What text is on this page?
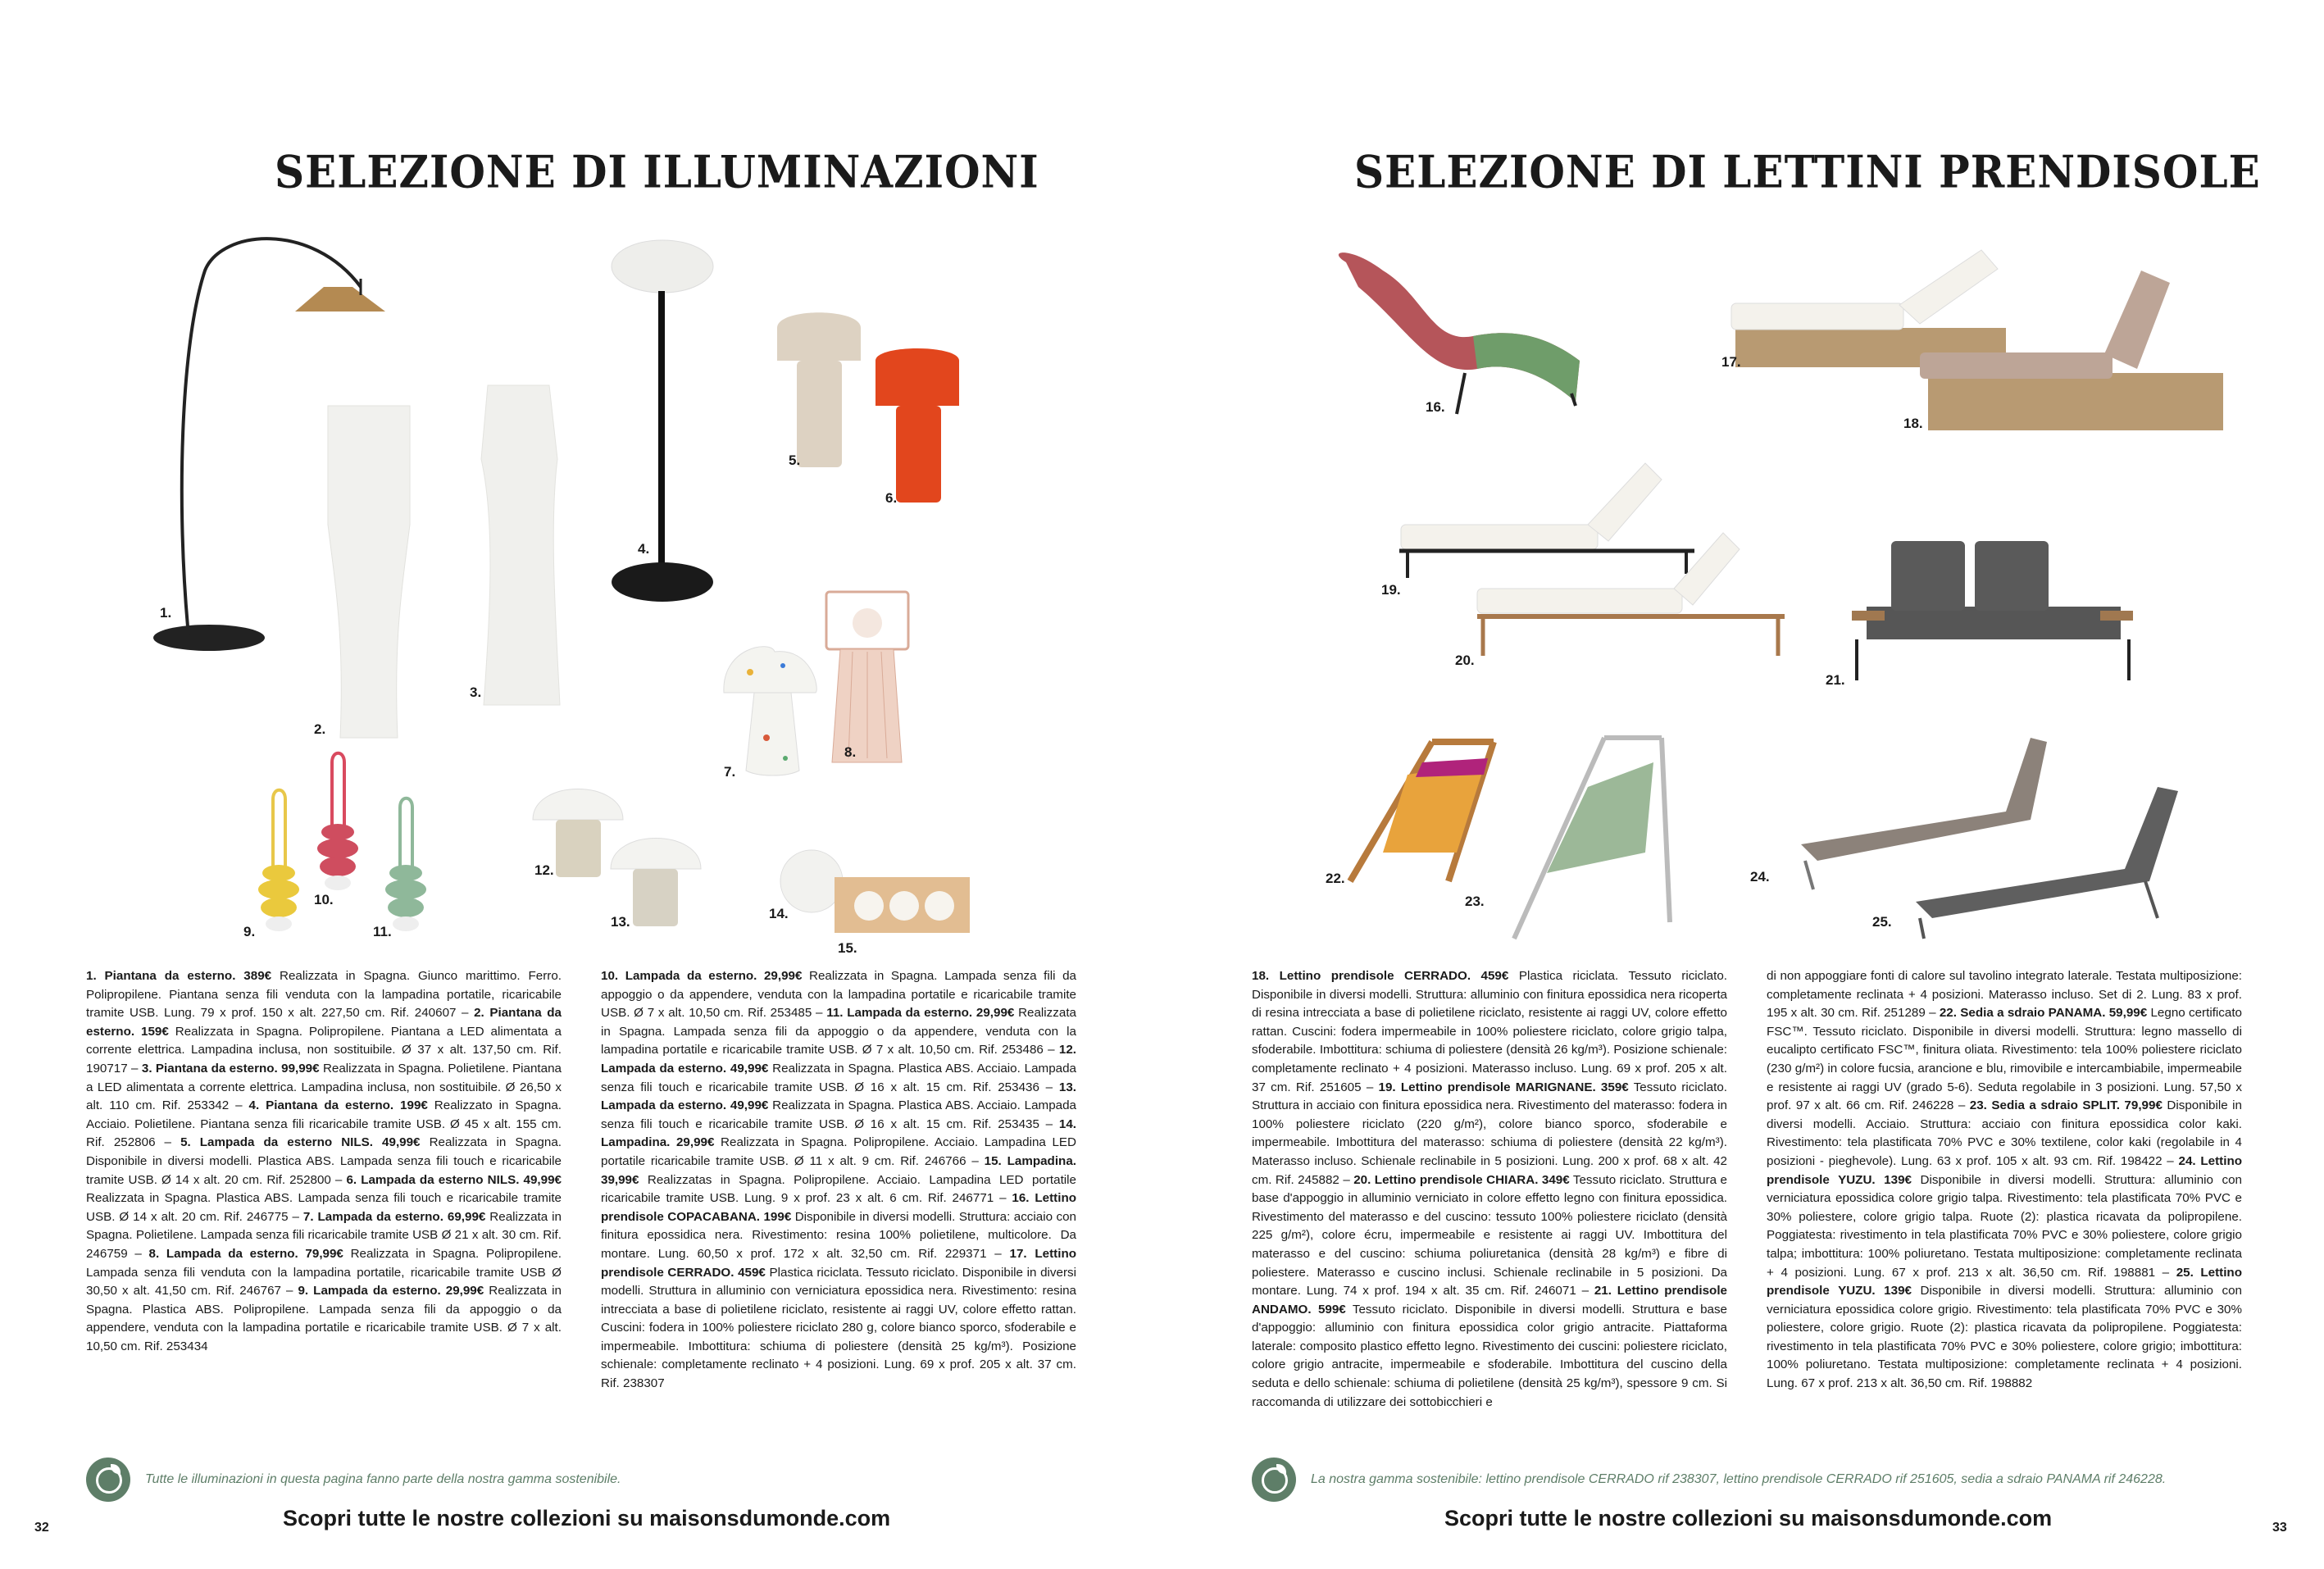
SELEZIONE DI ILLUMINAZIONI
1.
2.
3.
4.
5.
6.
7.
8.
9.
10.
11.
12.
13.
14.
15.
1. Piantana da esterno. 389€ Realizzata in Spagna. Giunco marittimo. Ferro. Polipropilene. Piantana senza fili venduta con la lampadina portatile, ricaricabile tramite USB. Lung. 79 x prof. 150 x alt. 227,50 cm. Rif. 240607 – 2. Piantana da esterno. 159€ Realizzata in Spagna. Polipropilene. Piantana a LED alimentata a corrente elettrica. Lampadina inclusa, non sostituibile. Ø 37 x alt. 137,50 cm. Rif. 190717 – 3. Piantana da esterno. 99,99€ Realizzata in Spagna. Polietilene. Piantana a LED alimentata a corrente elettrica. Lampadina inclusa, non sostituibile. Ø 26,50 x alt. 110 cm. Rif. 253342 – 4. Piantana da esterno. 199€ Realizzato in Spagna. Acciaio. Polietilene. Piantana senza fili ricaricabile tramite USB. Ø 45 x alt. 155 cm. Rif. 252806 – 5. Lampada da esterno NILS. 49,99€ Realizzata in Spagna. Disponibile in diversi modelli. Plastica ABS. Lampada senza fili touch e ricaricabile tramite USB. Ø 14 x alt. 20 cm. Rif. 252800 – 6. Lampada da esterno NILS. 49,99€ Realizzata in Spagna. Plastica ABS. Lampada senza fili touch e ricaricabile tramite USB. Ø 14 x alt. 20 cm. Rif. 246775 – 7. Lampada da esterno. 69,99€ Realizzata in Spagna. Polietilene. Lampada senza fili ricaricabile tramite USB Ø 21 x alt. 30 cm. Rif. 246759 – 8. Lampada da esterno. 79,99€ Realizzata in Spagna. Polipropilene. Lampada senza fili venduta con la lampadina portatile, ricaricabile tramite USB Ø 30,50 x alt. 41,50 cm. Rif. 246767 – 9. Lampada da esterno. 29,99€ Realizzata in Spagna. Plastica ABS. Polipropilene. Lampada senza fili da appoggio o da appendere, venduta con la lampadina portatile e ricaricabile tramite USB. Ø 7 x alt. 10,50 cm. Rif. 253434
10. Lampada da esterno. 29,99€ Realizzata in Spagna. Lampada senza fili da appoggio o da appendere, venduta con la lampadina portatile e ricaricabile tramite USB. Ø 7 x alt. 10,50 cm. Rif. 253485 – 11. Lampada da esterno. 29,99€ Realizzata in Spagna. Lampada senza fili da appoggio o da appendere, venduta con la lampadina portatile e ricaricabile tramite USB. Ø 7 x alt. 10,50 cm. Rif. 253486 – 12. Lampada da esterno. 49,99€ Realizzata in Spagna. Plastica ABS. Acciaio. Lampada senza fili touch e ricaricabile tramite USB. Ø 16 x alt. 15 cm. Rif. 253436 – 13. Lampada da esterno. 49,99€ Realizzata in Spagna. Plastica ABS. Acciaio. Lampada senza fili touch e ricaricabile tramite USB. Ø 16 x alt. 15 cm. Rif. 253435 – 14. Lampadina. 29,99€ Realizzata in Spagna. Polipropilene. Acciaio. Lampadina LED portatile ricaricabile tramite USB. Ø 11 x alt. 9 cm. Rif. 246766 – 15. Lampadina. 39,99€ Realizzatas in Spagna. Polipropilene. Acciaio. Lampadina LED portatile ricaricabile tramite USB. Lung. 9 x prof. 23 x alt. 6 cm. Rif. 246771 – 16. Lettino prendisole COPACABANA. 199€ Disponibile in diversi modelli. Struttura: acciaio con finitura epossidica nera. Rivestimento: resina 100% polietilene, multicolore. Da montare. Lung. 60,50 x prof. 172 x alt. 32,50 cm. Rif. 229371 – 17. Lettino prendisole CERRADO. 459€ Plastica riciclata. Tessuto riciclato. Disponibile in diversi modelli. Struttura in alluminio con verniciatura epossidica nera. Rivestimento: resina intrecciata a base di polietilene riciclato, resistente ai raggi UV, colore effetto rattan. Cuscini: fodera in 100% poliestere riciclato 280 g, colore bianco sporco, sfoderabile e impermeabile. Imbottitura: schiuma di poliestere (densità 25 kg/m³). Posizione schienale: completamente reclinato + 4 posizioni. Lung. 69 x prof. 205 x alt. 37 cm. Rif. 238307
Tutte le illuminazioni in questa pagina fanno parte della nostra gamma sostenibile.
Scopri tutte le nostre collezioni su maisonsdumonde.com
32
SELEZIONE DI LETTINI PRENDISOLE
16.
17.
18.
19.
20.
21.
22.
23.
24.
25.
18. Lettino prendisole CERRADO. 459€ Plastica riciclata. Tessuto riciclato. Disponibile in diversi modelli. Struttura: alluminio con finitura epossidica nera ricoperta di resina intrecciata a base di polietilene riciclato, resistente ai raggi UV, colore effetto rattan. Cuscini: fodera impermeabile in 100% poliestere riciclato, colore grigio talpa, sfoderabile. Imbottitura: schiuma di poliestere (densità 26 kg/m³). Posizione schienale: completamente reclinato + 4 posizioni. Materasso incluso. Lung. 69 x prof. 205 x alt. 37 cm. Rif. 251605 – 19. Lettino prendisole MARIGNANE. 359€ Tessuto riciclato. Struttura in acciaio con finitura epossidica nera. Rivestimento del materasso: fodera in 100% poliestere riciclato (220 g/m²), colore bianco sporco, sfoderabile e impermeabile. Imbottitura del materasso: schiuma di poliestere (densità 22 kg/m³). Materasso incluso. Schienale reclinabile in 5 posizioni. Lung. 200 x prof. 68 x alt. 42 cm. Rif. 245882 – 20. Lettino prendisole CHIARA. 349€ Tessuto riciclato. Struttura e base d'appoggio in alluminio verniciato in colore effetto legno con finitura epossidica. Rivestimento del materasso e del cuscino: tessuto 100% poliestere riciclato (densità 225 g/m²), colore écru, impermeabile e resistente ai raggi UV. Imbottitura del materasso e del cuscino: schiuma poliuretanica (densità 28 kg/m³) e fibre di poliestere. Materasso e cuscino inclusi. Schienale reclinabile in 5 posizioni. Da montare. Lung. 74 x prof. 194 x alt. 35 cm. Rif. 246071 – 21. Lettino prendisole ANDAMO. 599€ Tessuto riciclato. Disponibile in diversi modelli. Struttura e base d'appoggio: alluminio con finitura epossidica color grigio antracite. Piattaforma laterale: composito plastico effetto legno. Rivestimento dei cuscini: poliestere riciclato, colore grigio antracite, impermeabile e sfoderabile. Imbottitura del cuscino della seduta e dello schienale: schiuma di polietilene (densità 25 kg/m³), spessore 9 cm. Si raccomanda di utilizzare dei sottobicchieri e
di non appoggiare fonti di calore sul tavolino integrato laterale. Testata multiposizione: completamente reclinata + 4 posizioni. Materasso incluso. Set di 2. Lung. 83 x prof. 195 x alt. 30 cm. Rif. 251289 – 22. Sedia a sdraio PANAMA. 59,99€ Legno certificato FSC™. Tessuto riciclato. Disponibile in diversi modelli. Struttura: legno massello di eucalipto certificato FSC™, finitura oliata. Rivestimento: tela 100% poliestere riciclato (230 g/m²) in colore fucsia, arancione e blu, rimovibile e intercambiabile, impermeabile e resistente ai raggi UV (grado 5-6). Seduta regolabile in 3 posizioni. Lung. 57,50 x prof. 97 x alt. 66 cm. Rif. 246228 – 23. Sedia a sdraio SPLIT. 79,99€ Disponibile in diversi modelli. Acciaio. Struttura: acciaio con finitura epossidica color kaki. Rivestimento: tela plastificata 70% PVC e 30% textilene, color kaki (regolabile in 4 posizioni - pieghevole). Lung. 63 x prof. 105 x alt. 93 cm. Rif. 198422 – 24. Lettino prendisole YUZU. 139€ Disponibile in diversi modelli. Struttura: alluminio con verniciatura epossidica colore grigio talpa. Rivestimento: tela plastificata 70% PVC e 30% poliestere, colore grigio talpa. Ruote (2): plastica ricavata da polipropilene. Poggiatesta: rivestimento in tela plastificata 70% PVC e 30% poliestere, colore grigio talpa; imbottitura: 100% poliuretano. Testata multiposizione: completamente reclinata + 4 posizioni. Lung. 67 x prof. 213 x alt. 36,50 cm. Rif. 198881 – 25. Lettino prendisole YUZU. 139€ Disponibile in diversi modelli. Struttura: alluminio con verniciatura epossidica colore grigio. Rivestimento: tela plastificata 70% PVC e 30% poliestere, colore grigio. Ruote (2): plastica ricavata da polipropilene. Poggiatesta: rivestimento in tela plastificata 70% PVC e 30% poliestere, colore grigio; imbottitura: 100% poliuretano. Testata multiposizione: completamente reclinata + 4 posizioni. Lung. 67 x prof. 213 x alt. 36,50 cm. Rif. 198882
La nostra gamma sostenibile: lettino prendisole CERRADO rif 238307, lettino prendisole CERRADO rif 251605, sedia a sdraio PANAMA rif 246228.
Scopri tutte le nostre collezioni su maisonsdumonde.com	33
